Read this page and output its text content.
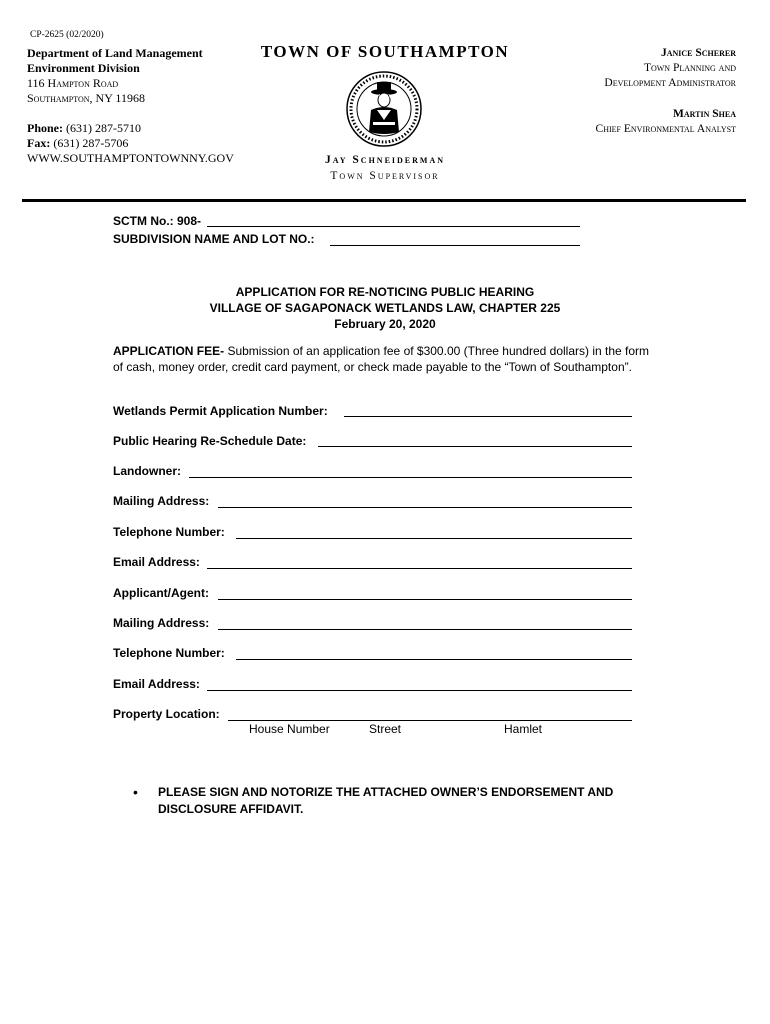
CP-2625 (02/2020)
Department of Land Management
Environment Division
116 Hampton Road
Southampton, NY 11968
Phone: (631) 287-5710
Fax: (631) 287-5706
WWW.SOUTHAMPTONTOWNNY.GOV
TOWN OF SOUTHAMPTON
1640
Jay Schneiderman
Town Supervisor
Janice Scherer
Town Planning and
Development Administrator
Martin Shea
Chief Environmental Analyst
SCTM No.: 908-
SUBDIVISION NAME AND LOT NO.:
APPLICATION FOR RE-NOTICING PUBLIC HEARING
VILLAGE OF SAGAPONACK WETLANDS LAW, CHAPTER 225
February 20, 2020
APPLICATION FEE- Submission of an application fee of $300.00 (Three hundred dollars) in the form of cash, money order, credit card payment, or check made payable to the “Town of Southampton”.
Wetlands Permit Application Number:
Public Hearing Re-Schedule Date:
Landowner:
Mailing Address:
Telephone Number:
Email Address:
Applicant/Agent:
Mailing Address:
Telephone Number:
Email Address:
Property Location:
House Number	Street	Hamlet
• PLEASE SIGN AND NOTORIZE THE ATTACHED OWNER’S ENDORSEMENT AND DISCLOSURE AFFIDAVIT.
